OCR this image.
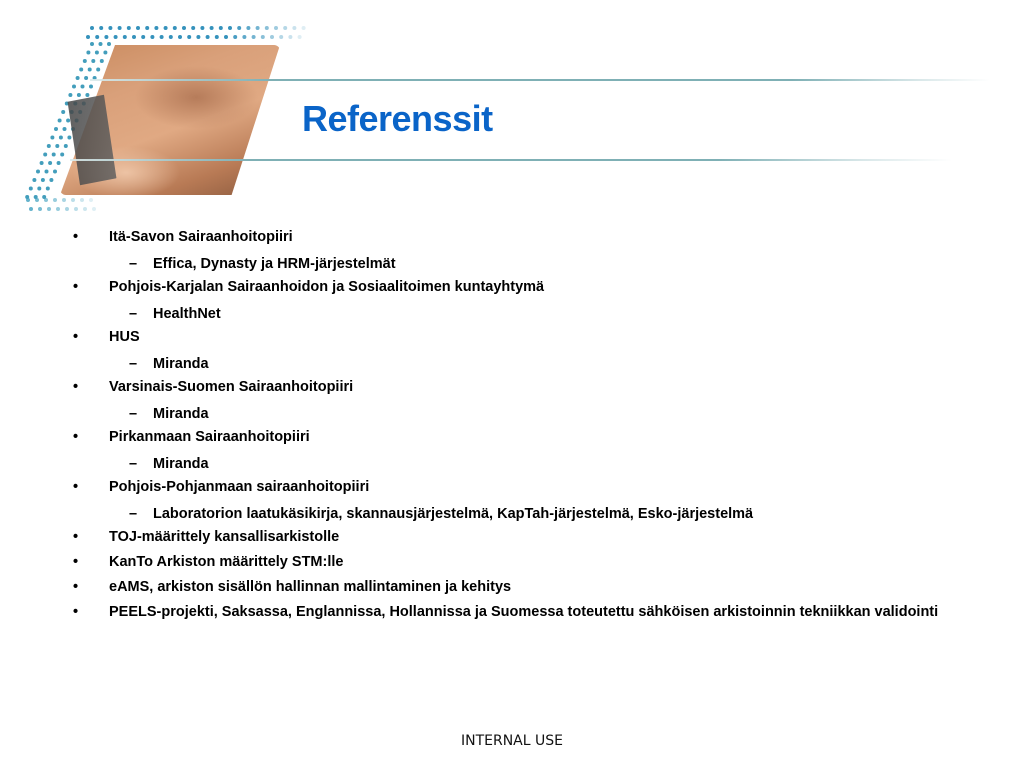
Referenssit
• Itä-Savon Sairaanhoitopiiri
– Effica, Dynasty ja HRM-järjestelmät
• Pohjois-Karjalan Sairaanhoidon ja Sosiaalitoimen kuntayhtymä
– HealthNet
• HUS
– Miranda
• Varsinais-Suomen Sairaanhoitopiiri
– Miranda
• Pirkanmaan Sairaanhoitopiiri
– Miranda
• Pohjois-Pohjanmaan sairaanhoitopiiri
– Laboratorion laatukäsikirja, skannausjärjestelmä, KapTah-järjestelmä, Esko-järjestelmä
• TOJ-määrittely kansallisarkistolle
• KanTo Arkiston määrittely STM:lle
• eAMS, arkiston sisällön hallinnan mallintaminen ja kehitys
• PEELS-projekti, Saksassa, Englannissa, Hollannissa ja Suomessa toteutettu sähköisen arkistoinnin tekniikkan validointi
INTERNAL USE
